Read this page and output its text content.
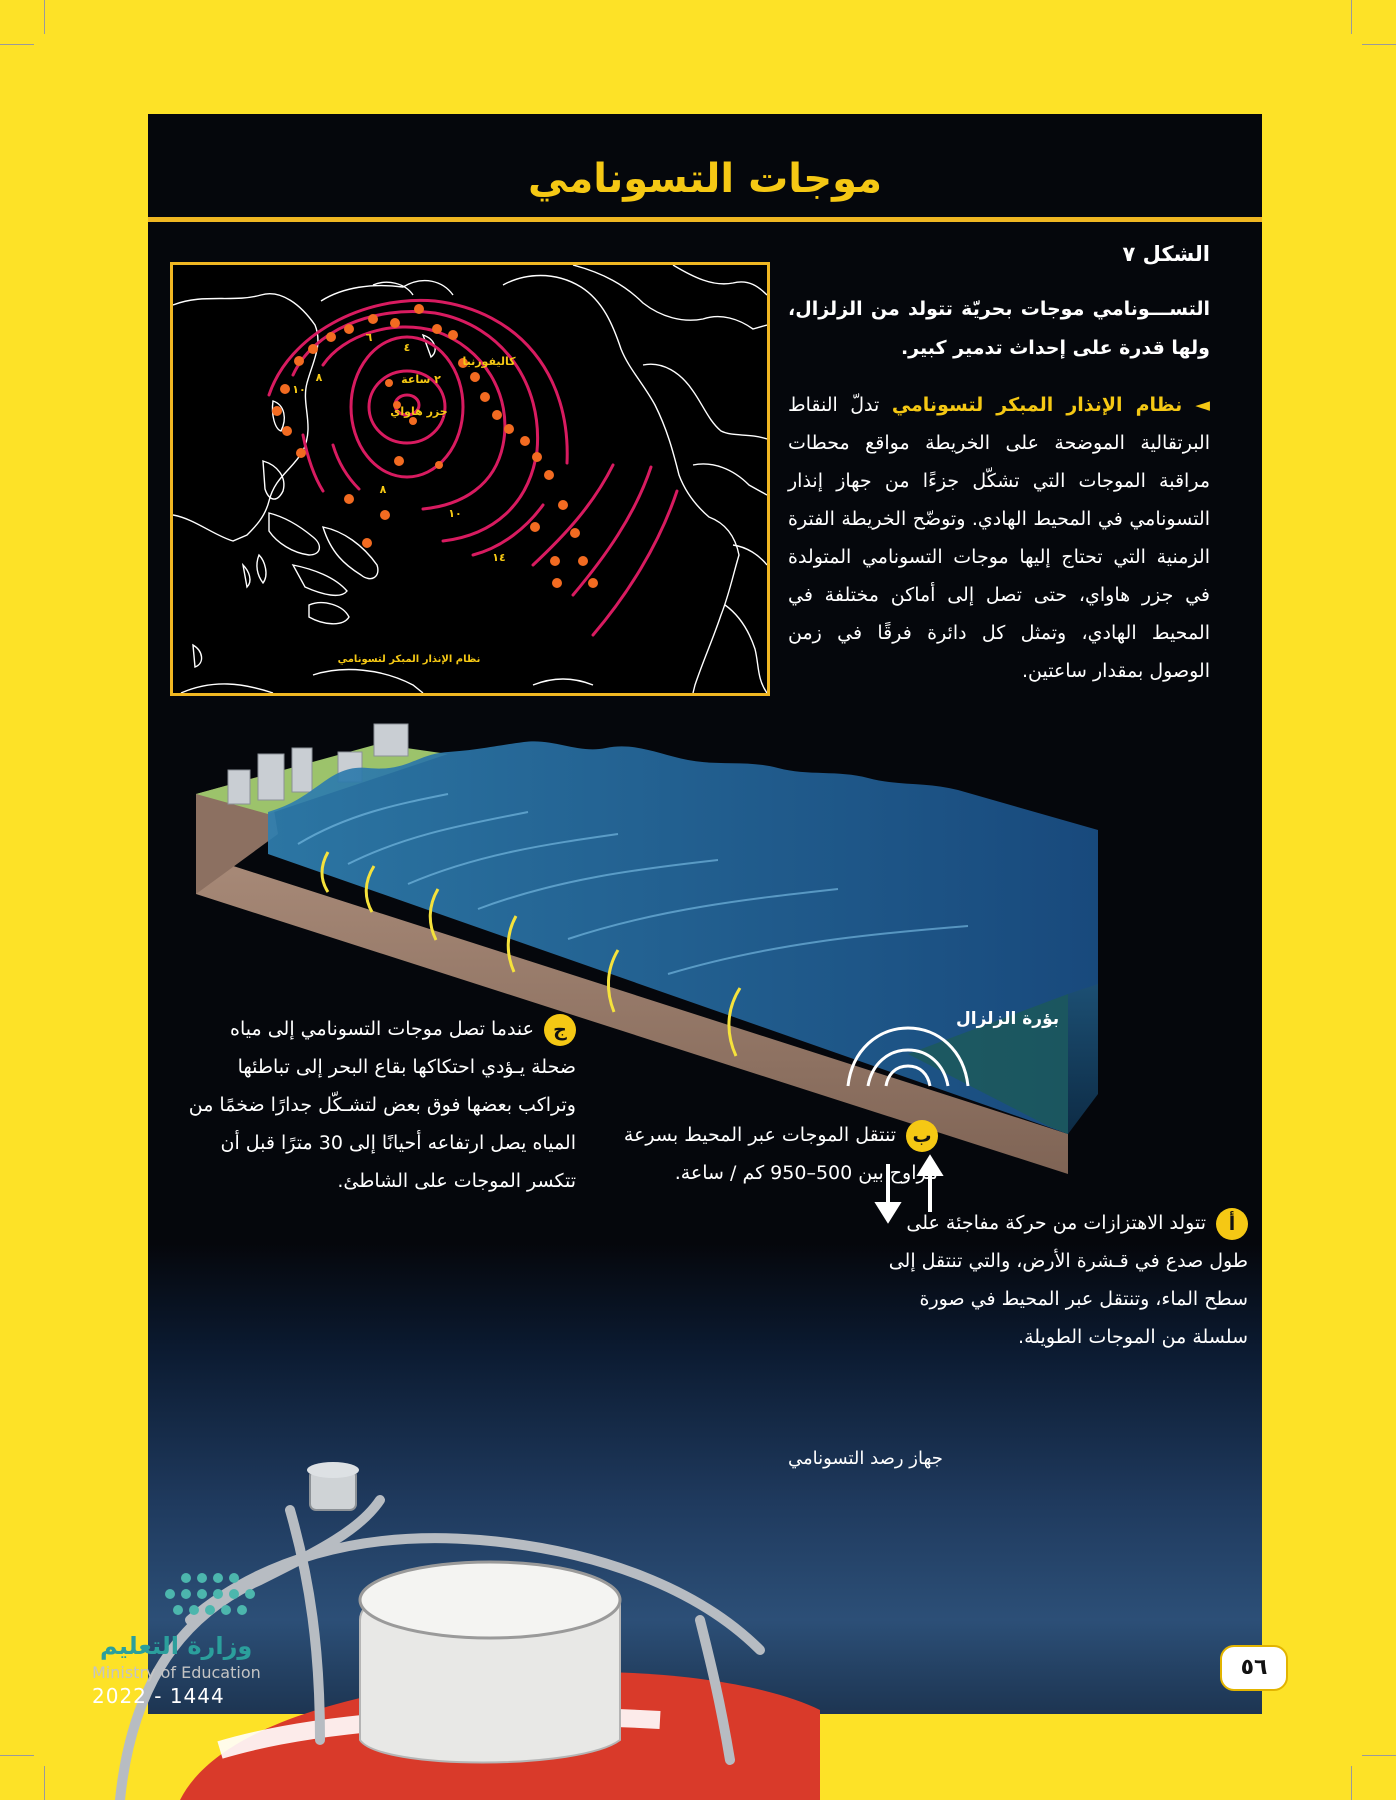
موجات التسونامي
الشكل ٧
التســـونامي موجات بحريّة تتولد من الزلزال، ولها قدرة على إحداث تدمير كبير.
◄ نظام الإنذار المبكر لتسونامي تدلّ النقاط البرتقالية الموضحة على الخريطة مواقع محطات مراقبة الموجات التي تشكّل جزءًا من جهاز إنذار التسونامي في المحيط الهادي. وتوضّح الخريطة الفترة الزمنية التي تحتاج إليها موجات التسونامي المتولدة في جزر هاواي، حتى تصل إلى أماكن مختلفة في المحيط الهادي، وتمثل كل دائرة فرقًا في زمن الوصول بمقدار ساعتين.
كاليفورنيا
جزر هاواي
٢ ساعة
٤
٦
٨
١٠
٨
١٠
١٤
نظام الإنذار المبكر لتسونامي
بؤرة الزلزال
جعندما تصل موجات التسونامي إلى مياه ضحلة يـؤدي احتكاكها بقاع البحر إلى تباطئها وتراكب بعضها فوق بعض لتشـكّل جدارًا ضخمًا من المياه يصل ارتفاعه أحيانًا إلى 30 مترًا قبل أن تتكسر الموجات على الشاطئ.
بتنتقل الموجات عبر المحيط بسرعة تتراوح بين 500–950 كم / ساعة.
أتتولد الاهتزازات من حركة مفاجئة على طول صدع في قـشرة الأرض، والتي تنتقل إلى سطح الماء، وتنتقل عبر المحيط في صورة سلسلة من الموجات الطويلة.
جهاز رصد التسونامي
وزارة التعليم
Ministry of Education
2022 - 1444
٥٦
